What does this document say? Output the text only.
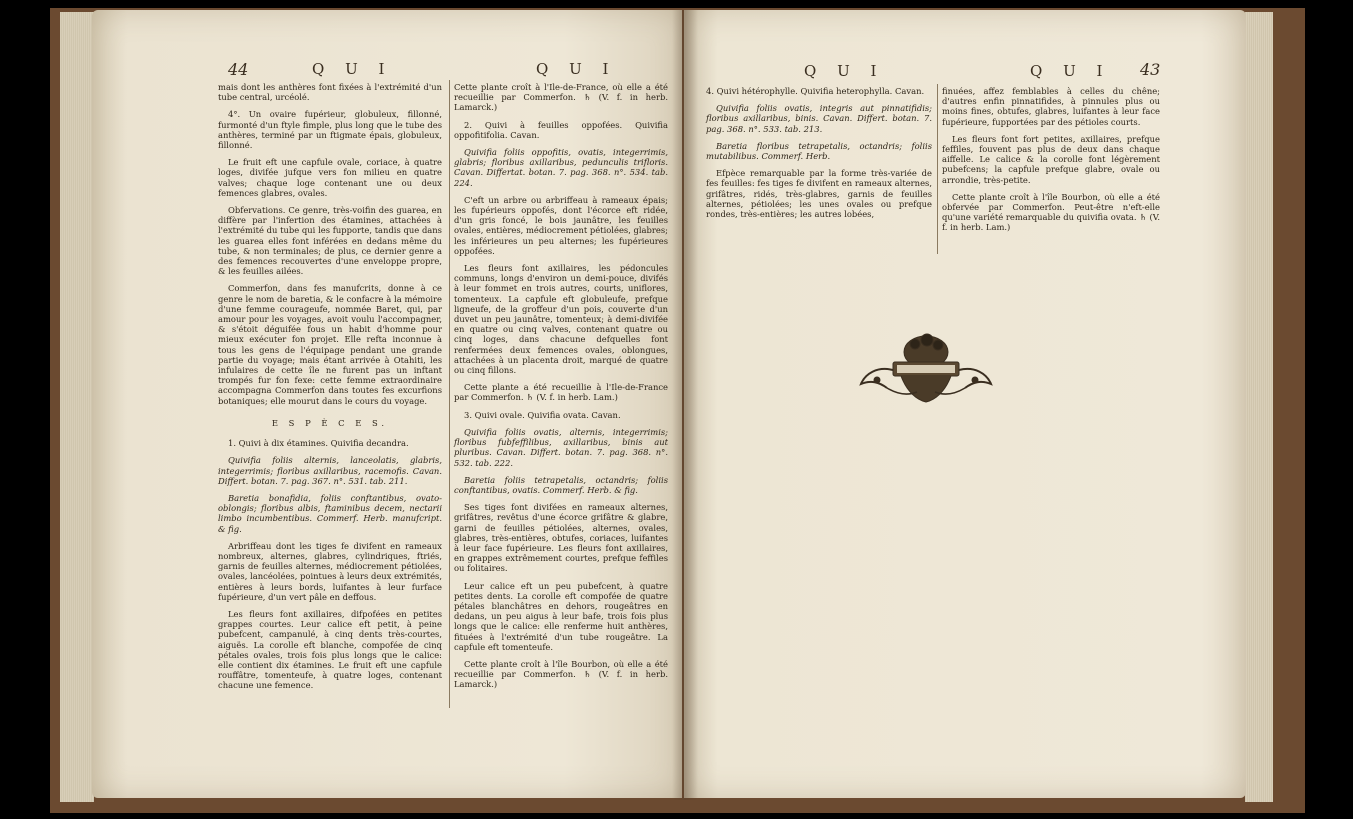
44	Q U I	Q U I

mais dont les anthères font fixées à l'extrémité d'un tube central, urcéolé.

4°. Un ovaire fupérieur, globuleux, fillonné, furmonté d'un ftyle fimple, plus long que le tube des anthères, terminé par un ftigmate épais, globuleux, fillonné.

Le fruit eft une capfule ovale, coriace, à quatre loges, divifée jufque vers fon milieu en quatre valves; chaque loge contenant une ou deux femences glabres, ovales.

Obfervations. Ce genre, très-voifin des guarea, en diffère par l'infertion des étamines, attachées à l'extrémité du tube qui les fupporte, tandis que dans les guarea elles font inférées en dedans même du tube, & non terminales; de plus, ce dernier genre a des femences recouvertes d'une enveloppe propre, & les feuilles ailées.

Commerfon, dans fes manufcrits, donne à ce genre le nom de baretia, & le confacre à la mémoire d'une femme courageufe, nommée Baret, qui, par amour pour les voyages, avoit voulu l'accompagner, & s'étoit déguifée fous un habit d'homme pour mieux exécuter fon projet. Elle refta inconnue à tous les gens de l'équipage pendant une grande partie du voyage; mais étant arrivée à Otahiti, les infulaires de cette île ne furent pas un inftant trompés fur fon fexe: cette femme extraordinaire accompagna Commerfon dans toutes fes excurfions botaniques; elle mourut dans le cours du voyage.

E S P È C E S.

1. Quivi à dix étamines. Quivifia decandra.

Quivifia foliis alternis, lanceolatis, glabris, integerrimis; floribus axillaribus, racemofis. Cavan. Differt. botan. 7. pag. 367. n°. 531. tab. 211.

Baretia bonafidia, foliis conftantibus, ovato-oblongis; floribus albis, ftaminibus decem, nectarii limbo incumbentibus. Commerf. Herb. manufcript. & fig.

Arbriffeau dont les tiges fe divifent en rameaux nombreux, alternes, glabres, cylindriques, ftriés, garnis de feuilles alternes, médiocrement pétiolées, ovales, lancéolées, pointues à leurs deux extrémités, entières à leurs bords, luifantes à leur furface fupérieure, d'un vert pâle en deffous.

Les fleurs font axillaires, difpofées en petites grappes courtes. Leur calice eft petit, à peine pubefcent, campanulé, à cinq dents très-courtes, aiguës. La corolle eft blanche, compofée de cinq pétales ovales, trois fois plus longs que le calice: elle contient dix étamines. Le fruit eft une capfule rouffâtre, tomenteufe, à quatre loges, contenant chacune une femence.

Cette plante croît à l'Ile-de-France, où elle a été recueillie par Commerfon. ♄ (V. f. in herb. Lamarck.)

2. Quivi à feuilles oppofées. Quivifia oppofitifolia. Cavan.

Quivifia foliis oppofitis, ovatis, integerrimis, glabris; floribus axillaribus, pedunculis trifloris. Cavan. Differtat. botan. 7. pag. 368. n°. 534. tab. 224.

C'eft un arbre ou arbriffeau à rameaux épais; les fupérieurs oppofés, dont l'écorce eft ridée, d'un gris foncé, le bois jaunâtre, les feuilles ovales, entières, médiocrement pétiolées, glabres; les inférieures un peu alternes; les fupérieures oppofées.

Les fleurs font axillaires, les pédoncules communs, longs d'environ un demi-pouce, divifés à leur fommet en trois autres, courts, uniflores, tomenteux. La capfule eft globuleufe, prefque ligneufe, de la groffeur d'un pois, couverte d'un duvet un peu jaunâtre, tomenteux; à demi-divifée en quatre ou cinq valves, contenant quatre ou cinq loges, dans chacune defquelles font renfermées deux femences ovales, oblongues, attachées à un placenta droit, marqué de quatre ou cinq fillons.

Cette plante a été recueillie à l'Ile-de-France par Commerfon. ♄ (V. f. in herb. Lam.)

3. Quivi ovale. Quivifia ovata. Cavan.

Quivifia foliis ovatis, alternis, integerrimis; floribus fubfeffilibus, axillaribus, binis aut pluribus. Cavan. Differt. botan. 7. pag. 368. n°. 532. tab. 222.

Baretia foliis tetrapetalis, octandris; foliis conftantibus, ovatis. Commerf. Herb. & fig.

Ses tiges font divifées en rameaux alternes, grifâtres, revêtus d'une écorce grifâtre & glabre, garni de feuilles pétiolées, alternes, ovales, glabres, très-entières, obtufes, coriaces, luifantes à leur face fupérieure. Les fleurs font axillaires, en grappes extrêmement courtes, prefque feffiles ou folitaires.

Leur calice eft un peu pubefcent, à quatre petites dents. La corolle eft compofée de quatre pétales blanchâtres en dehors, rougeâtres en dedans, un peu aigus à leur bafe, trois fois plus longs que le calice: elle renferme huit anthères, fituées à l'extrémité d'un tube rougeâtre. La capfule eft tomenteufe.

Cette plante croît à l'île Bourbon, où elle a été recueillie par Commerfon. ♄ (V. f. in herb. Lamarck.)

Q U I	Q U I 43

4. Quivi hétérophylle. Quivifia heterophylla. Cavan.

Quivifia foliis ovatis, integris aut pinnatifidis; floribus axillaribus, binis. Cavan. Differt. botan. 7. pag. 368. n°. 533. tab. 213.

Baretia floribus tetrapetalis, octandris; foliis mutabilibus. Commerf. Herb.

Efpèce remarquable par la forme très-variée de fes feuilles: fes tiges fe divifent en rameaux alternes, grifâtres, ridés, très-glabres, garnis de feuilles alternes, pétiolées; les unes ovales ou prefque rondes, très-entières; les autres lobées,

finuées, affez femblables à celles du chêne; d'autres enfin pinnatifides, à pinnules plus ou moins fines, obtufes, glabres, luifantes à leur face fupérieure, fupportées par des pétioles courts.

Les fleurs font fort petites, axillaires, prefque feffiles, fouvent pas plus de deux dans chaque aiffelle. Le calice & la corolle font légèrement pubefcens; la capfule prefque glabre, ovale ou arrondie, très-petite.

Cette plante croît à l'île Bourbon, où elle a été obfervée par Commerfon. Peut-être n'eft-elle qu'une variété remarquable du quivifia ovata. ♄ (V. f. in herb. Lam.)
